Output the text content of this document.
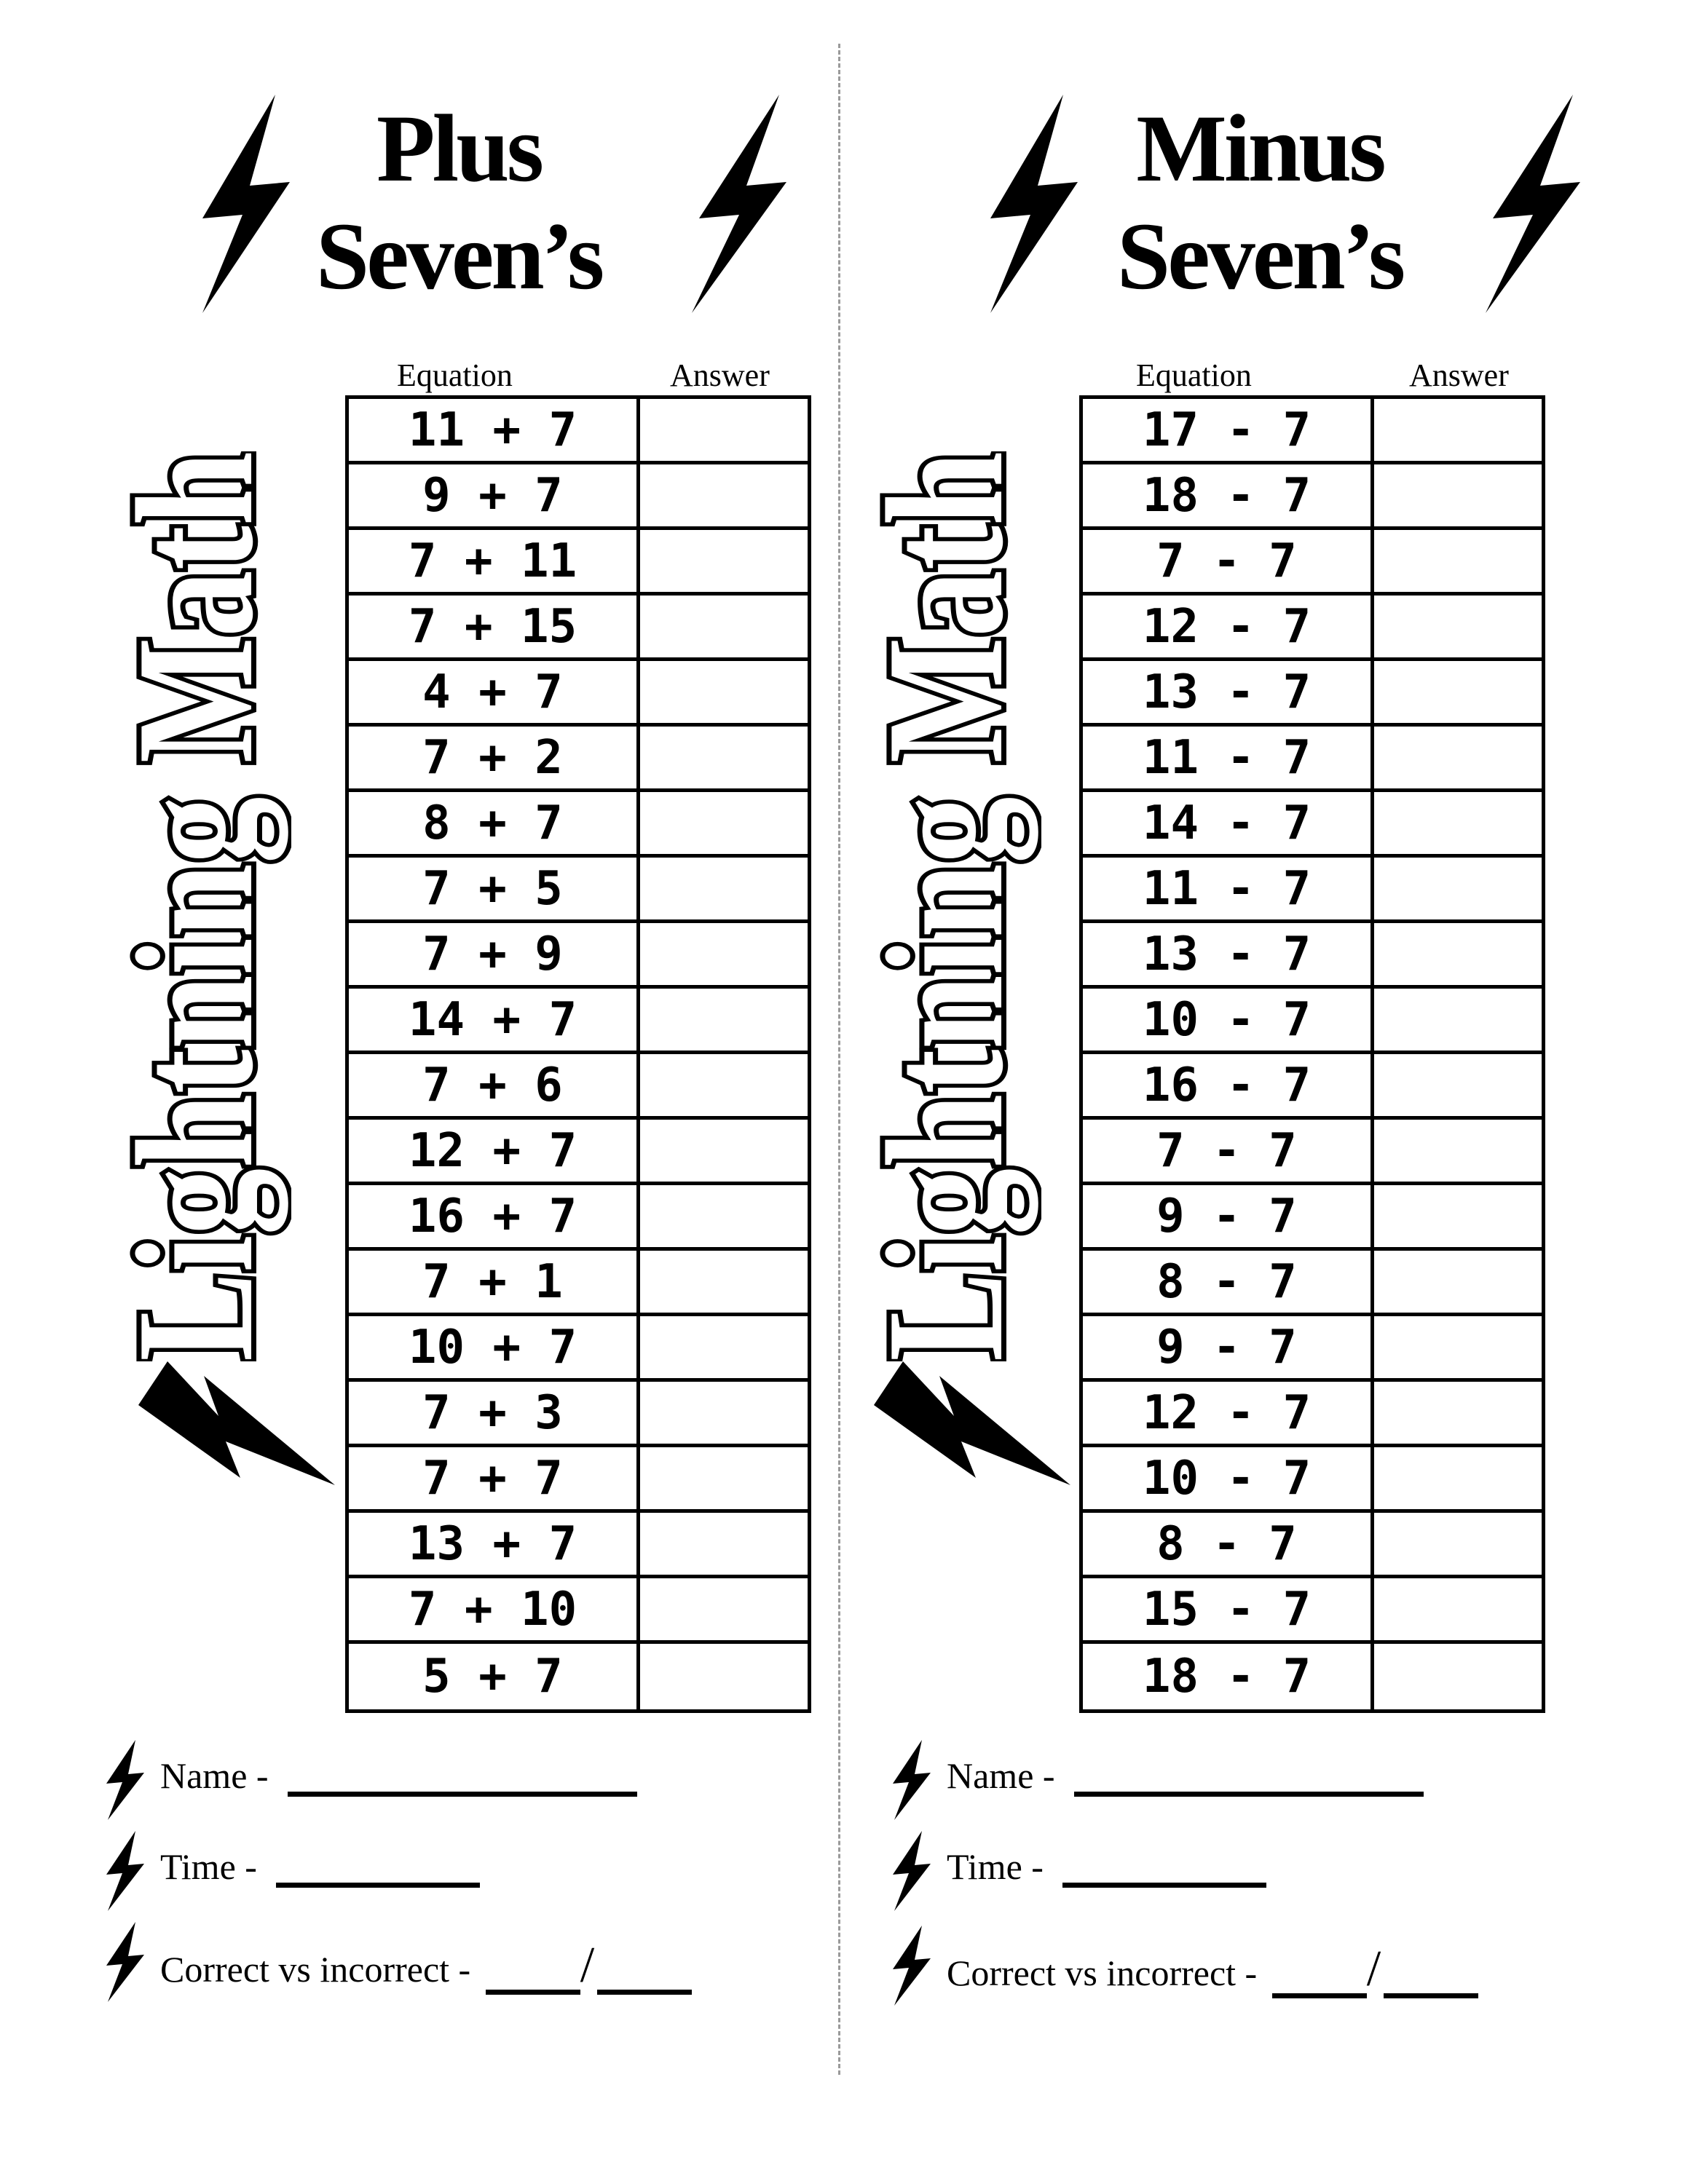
Plus
Seven’s
Lightning Math	Equation	Answer
11 + 7
9 + 7
7 + 11
7 + 15
4 + 7
7 + 2
8 + 7
7 + 5
7 + 9
14 + 7
7 + 6
12 + 7
16 + 7
7 + 1
10 + 7
7 + 3
7 + 7
13 + 7
7 + 10
5 + 7
Name -
Time -
Correct vs incorrect - /
Minus
Seven’s
Lightning Math	Equation	Answer
17 - 7
18 - 7
7 - 7
12 - 7
13 - 7
11 - 7
14 - 7
11 - 7
13 - 7
10 - 7
16 - 7
7 - 7
9 - 7
8 - 7
9 - 7
12 - 7
10 - 7
8 - 7
15 - 7
18 - 7
Name -
Time -
Correct vs incorrect - /
